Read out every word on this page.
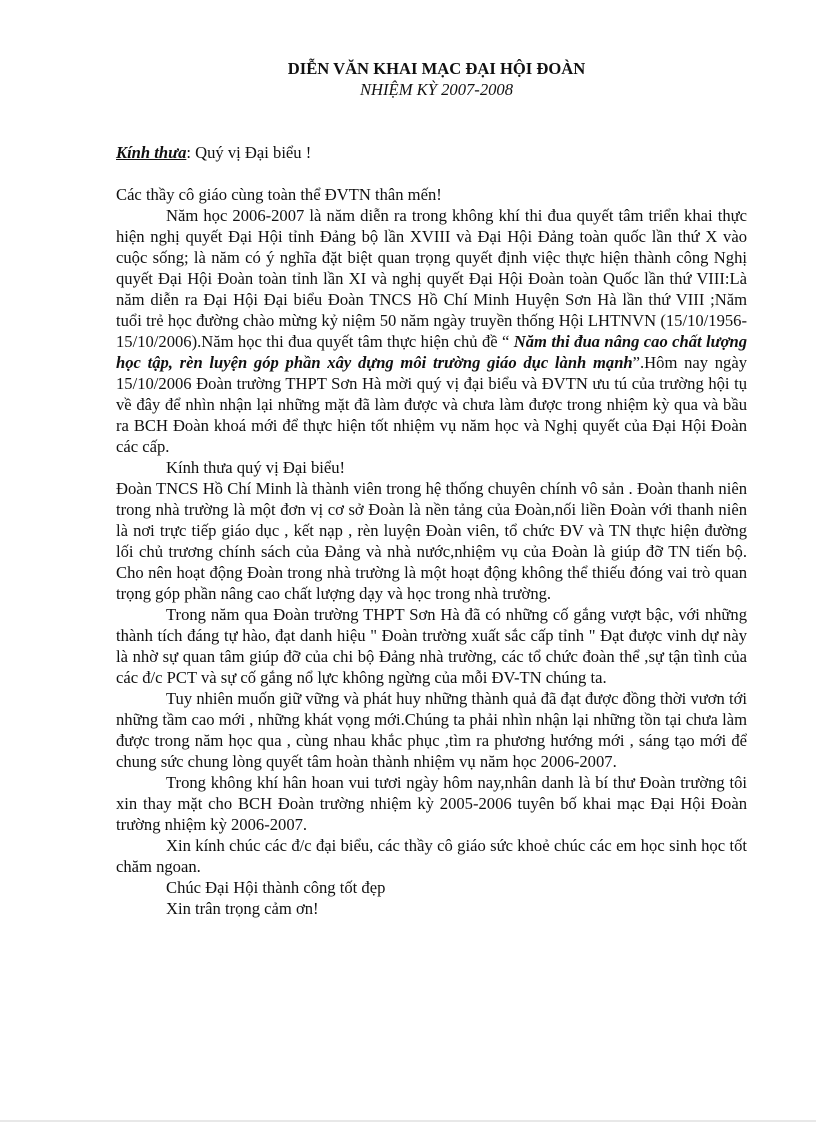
DIỄN VĂN KHAI MẠC ĐẠI HỘI ĐOÀN
NHIỆM KỲ 2007-2008
Kính thưa: Quý vị Đại biểu !

Các thầy cô giáo cùng toàn thể ĐVTN thân mến!

Năm học 2006-2007 là năm diễn ra trong không khí thi đua quyết tâm triển khai thực hiện nghị quyết Đại Hội tỉnh Đảng bộ lần XVIII và Đại Hội Đảng toàn quốc lần thứ X vào cuộc sống; là năm có ý nghĩa đặt biệt quan trọng quyết định việc thực hiện thành công Nghị quyết Đại Hội Đoàn toàn tỉnh lần XI và nghị quyết Đại Hội Đoàn toàn Quốc lần thứ VIII:Là năm diễn ra Đại Hội Đại biểu Đoàn TNCS Hồ Chí Minh Huyện Sơn Hà lần thứ VIII ;Năm tuổi trẻ học đường chào mừng kỷ niệm 50 năm ngày truyền thống Hội LHTNVN (15/10/1956-15/10/2006).Năm học thi đua quyết tâm thực hiện chủ đề “ Năm thi đua nâng cao chất lượng học tập, rèn luyện góp phần xây dựng môi trường giáo dục lành mạnh”.Hôm nay ngày 15/10/2006 Đoàn trường THPT Sơn Hà mời quý vị đại biểu và ĐVTN ưu tú của trường hội tụ về đây để nhìn nhận lại những mặt đã làm được và chưa làm được trong nhiệm kỳ qua và bầu ra BCH Đoàn khoá mới để thực hiện tốt nhiệm vụ năm học và Nghị quyết của Đại Hội Đoàn các cấp.

Kính thưa quý vị Đại biểu!

Đoàn TNCS Hồ Chí Minh là thành viên trong hệ thống chuyên chính vô sản . Đoàn thanh niên trong nhà trường là một đơn vị cơ sở Đoàn là nền tảng của Đoàn,nối liền Đoàn với thanh niên là nơi trực tiếp giáo dục , kết nạp , rèn luyện Đoàn viên, tổ chức ĐV và TN thực hiện đường lối chủ trương chính sách của Đảng và nhà nước,nhiệm vụ của Đoàn là giúp đỡ TN tiến bộ. Cho nên hoạt động Đoàn trong nhà trường là một hoạt động không thể thiếu đóng vai trò quan trọng góp phần nâng cao chất lượng dạy và học trong nhà trường.

Trong năm qua Đoàn trường THPT Sơn Hà đã có những cố gắng vượt bậc, với những thành tích đáng tự hào, đạt danh hiệu " Đoàn trường xuất sắc cấp tỉnh " Đạt được vinh dự này là nhờ sự quan tâm giúp đỡ của chi bộ Đảng nhà trường, các tổ chức đoàn thể ,sự tận tình của các đ/c PCT và sự cố gắng nổ lực không ngừng của mỗi ĐV-TN chúng ta.

Tuy nhiên muốn giữ vững và phát huy những thành quả đã đạt được đồng thời vươn tới những tầm cao mới , những khát vọng mới.Chúng ta phải nhìn nhận lại những tồn tại chưa làm được trong năm học qua , cùng nhau khắc phục ,tìm ra phương hướng mới , sáng tạo mới để chung sức chung lòng quyết tâm hoàn thành nhiệm vụ năm học 2006-2007.

Trong không khí hân hoan vui tươi ngày hôm nay,nhân danh là bí thư Đoàn trường tôi xin thay mặt cho BCH Đoàn trường nhiệm kỳ 2005-2006 tuyên bố khai mạc Đại Hội Đoàn trường nhiệm kỳ 2006-2007.

Xin kính chúc các đ/c đại biểu, các thầy cô giáo sức khoẻ chúc các em học sinh học tốt chăm ngoan.

Chúc Đại Hội thành công tốt đẹp

Xin trân trọng cảm ơn!
